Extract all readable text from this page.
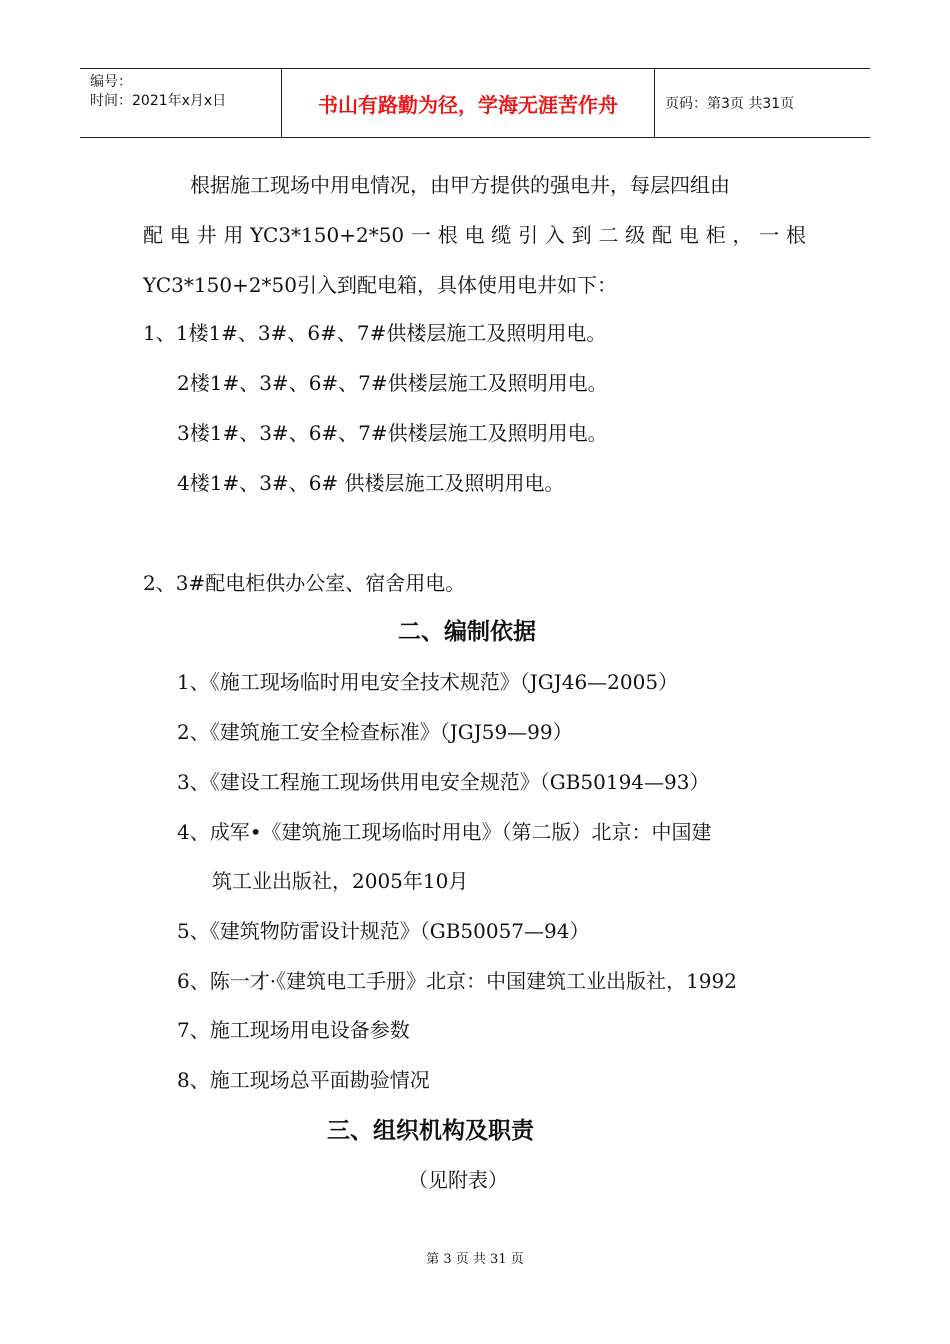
编号：
时间：2021年x月x日	书山有路勤为径，学海无涯苦作舟	页码：第3页 共31页
根据施工现场中用电情况，由甲方提供的强电井，每层四组由
配电井用YC3*150+2*50一根电缆引入到二级配电柜，一根
YC3*150+2*50引入到配电箱，具体使用电井如下：
1、1楼1#、3#、6#、7#供楼层施工及照明用电。
2楼1#、3#、6#、7#供楼层施工及照明用电。
3楼1#、3#、6#、7#供楼层施工及照明用电。
4楼1#、3#、6# 供楼层施工及照明用电。
2、3#配电柜供办公室、宿舍用电。
二、编制依据
1、《施工现场临时用电安全技术规范》（JGJ46—2005）
2、《建筑施工安全检查标准》（JGJ59—99）
3、《建设工程施工现场供用电安全规范》（GB50194—93）
4、成军•《建筑施工现场临时用电》（第二版）北京：中国建
筑工业出版社，2005年10月
5、《建筑物防雷设计规范》（GB50057—94）
6、陈一才·《建筑电工手册》北京：中国建筑工业出版社，1992
7、施工现场用电设备参数
8、施工现场总平面勘验情况
三、组织机构及职责
（见附表）
第 3 页 共 31 页
